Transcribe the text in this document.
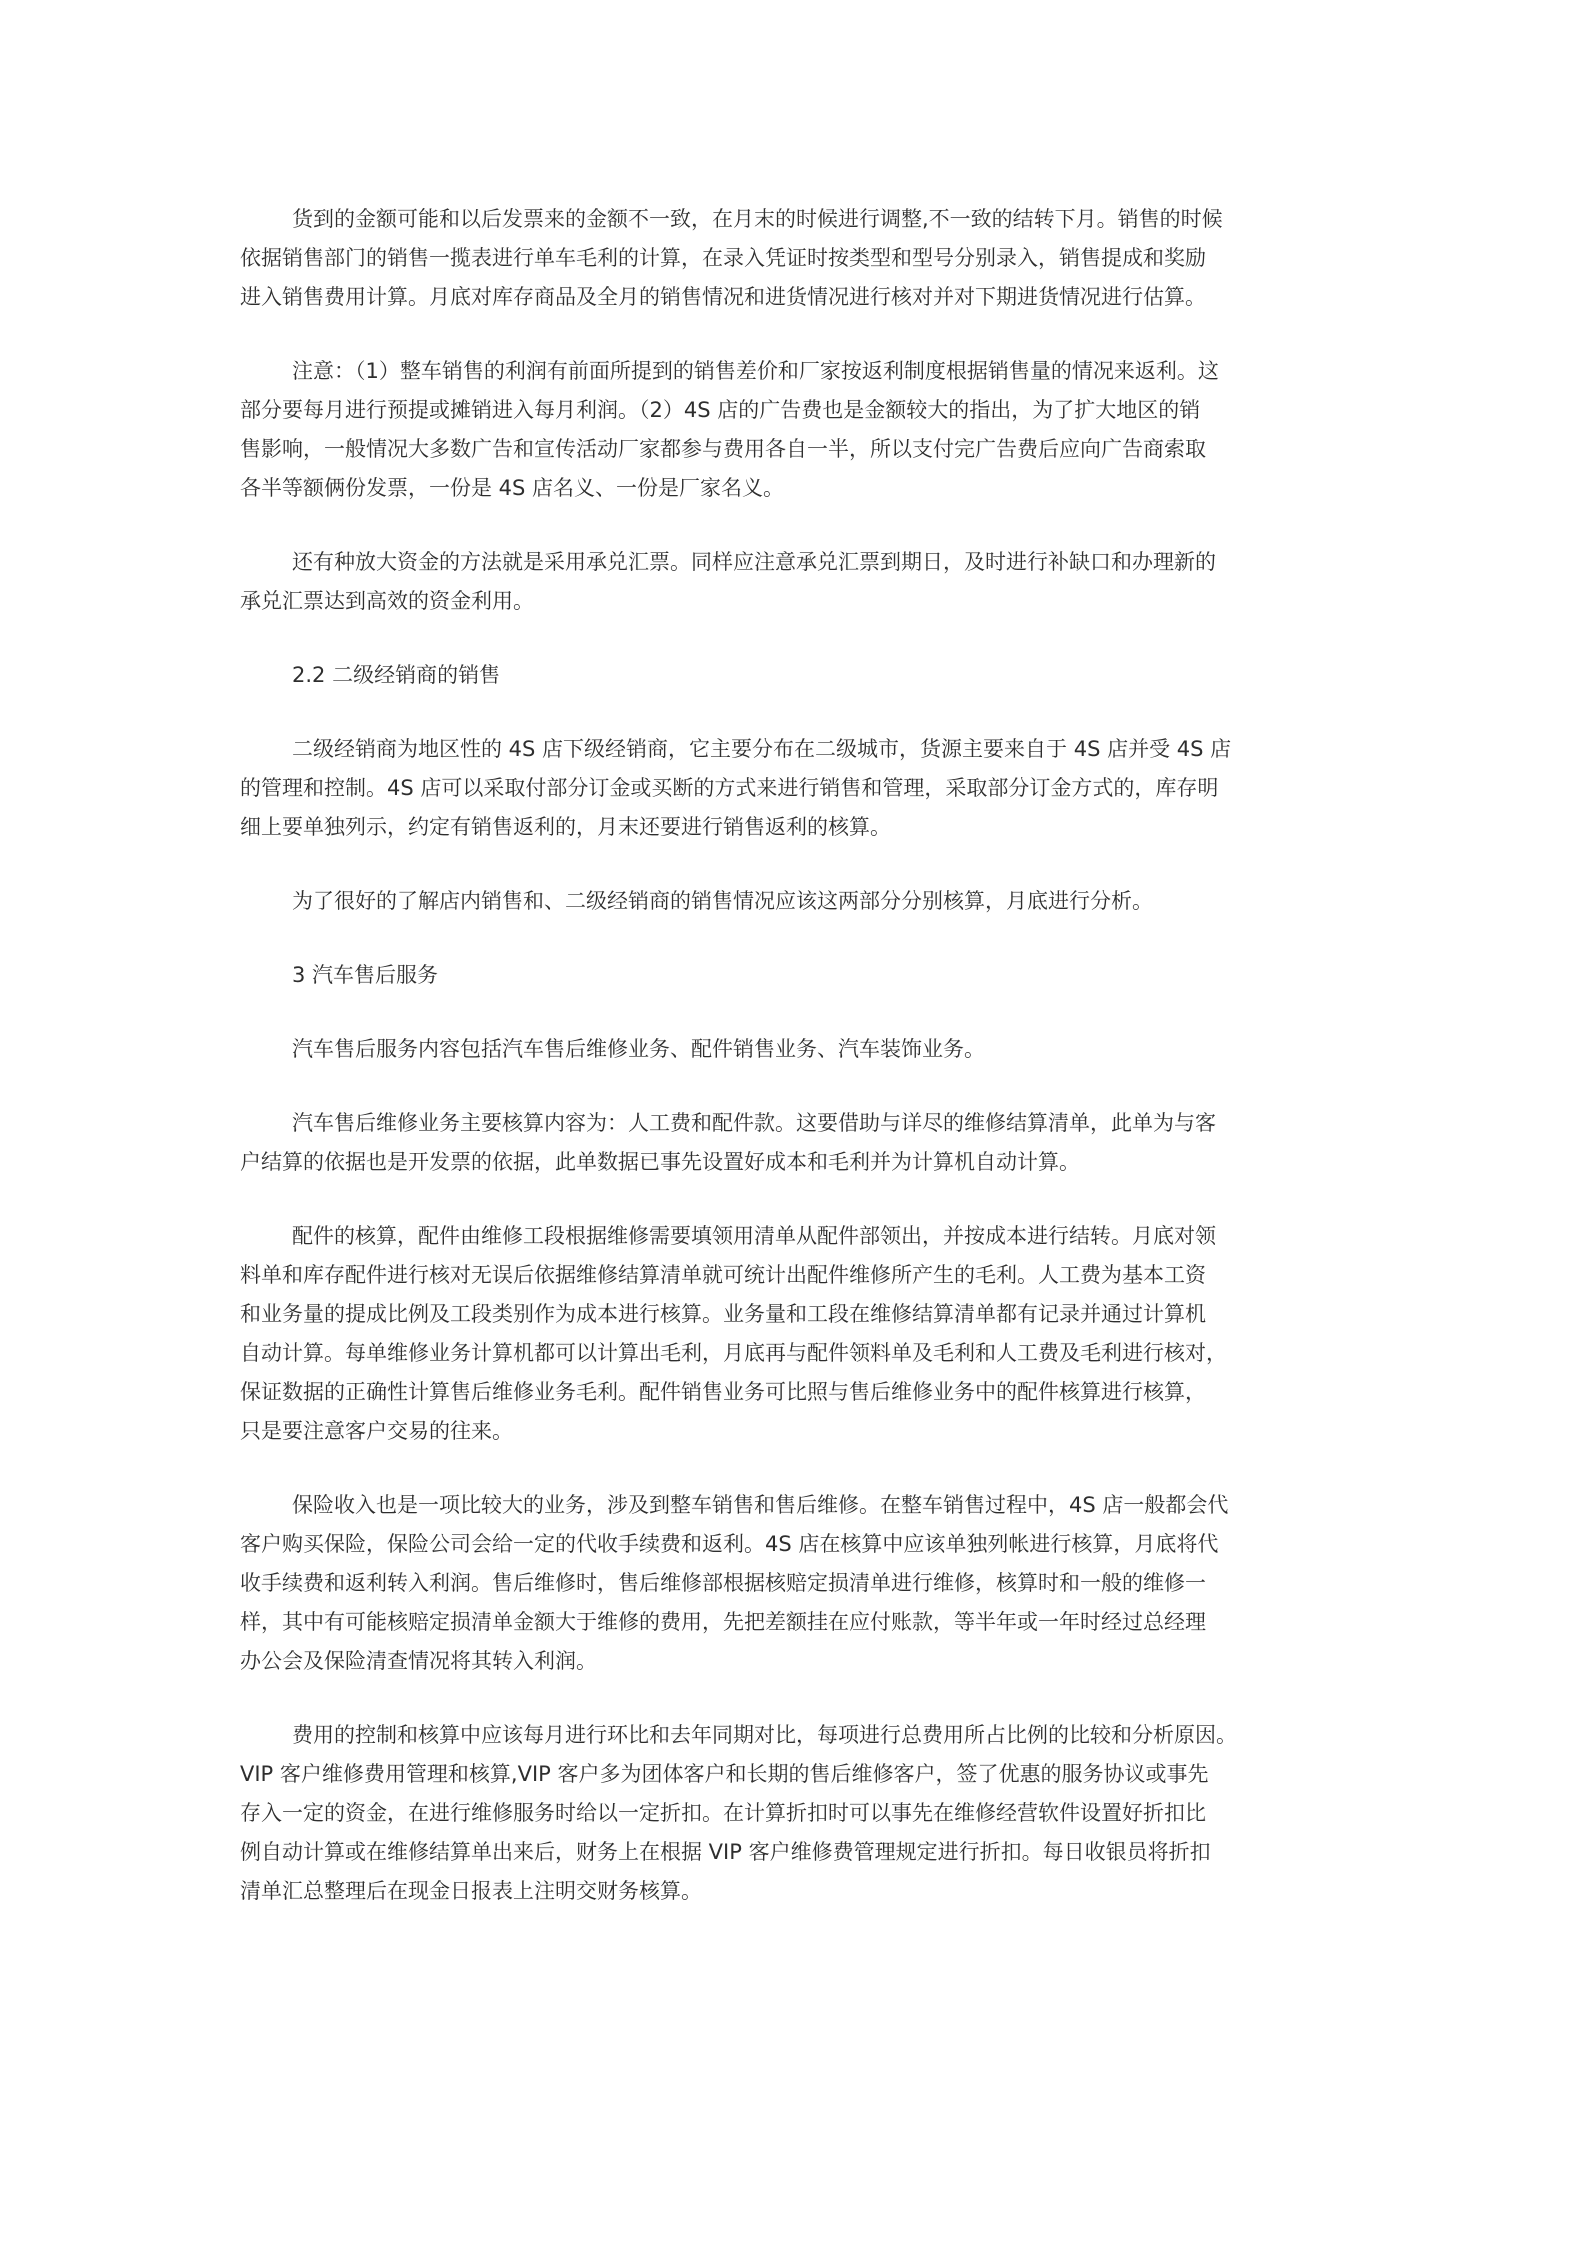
货到的金额可能和以后发票来的金额不一致，在月末的时候进行调整,不一致的结转下月。销售的时候
依据销售部门的销售一揽表进行单车毛利的计算，在录入凭证时按类型和型号分别录入，销售提成和奖励
进入销售费用计算。月底对库存商品及全月的销售情况和进货情况进行核对并对下期进货情况进行估算。
注意：（1）整车销售的利润有前面所提到的销售差价和厂家按返利制度根据销售量的情况来返利。这
部分要每月进行预提或摊销进入每月利润。（2）4S 店的广告费也是金额较大的指出，为了扩大地区的销
售影响，一般情况大多数广告和宣传活动厂家都参与费用各自一半，所以支付完广告费后应向广告商索取
各半等额俩份发票，一份是 4S 店名义、一份是厂家名义。
还有种放大资金的方法就是采用承兑汇票。同样应注意承兑汇票到期日，及时进行补缺口和办理新的
承兑汇票达到高效的资金利用。
2.2 二级经销商的销售
二级经销商为地区性的 4S 店下级经销商，它主要分布在二级城市，货源主要来自于 4S 店并受 4S 店
的管理和控制。4S 店可以采取付部分订金或买断的方式来进行销售和管理，采取部分订金方式的，库存明
细上要单独列示，约定有销售返利的，月末还要进行销售返利的核算。
为了很好的了解店内销售和、二级经销商的销售情况应该这两部分分别核算，月底进行分析。
3 汽车售后服务
汽车售后服务内容包括汽车售后维修业务、配件销售业务、汽车装饰业务。
汽车售后维修业务主要核算内容为：人工费和配件款。这要借助与详尽的维修结算清单，此单为与客
户结算的依据也是开发票的依据，此单数据已事先设置好成本和毛利并为计算机自动计算。
配件的核算，配件由维修工段根据维修需要填领用清单从配件部领出，并按成本进行结转。月底对领
料单和库存配件进行核对无误后依据维修结算清单就可统计出配件维修所产生的毛利。人工费为基本工资
和业务量的提成比例及工段类别作为成本进行核算。业务量和工段在维修结算清单都有记录并通过计算机
自动计算。每单维修业务计算机都可以计算出毛利，月底再与配件领料单及毛利和人工费及毛利进行核对，
保证数据的正确性计算售后维修业务毛利。配件销售业务可比照与售后维修业务中的配件核算进行核算，
只是要注意客户交易的往来。
保险收入也是一项比较大的业务，涉及到整车销售和售后维修。在整车销售过程中，4S 店一般都会代
客户购买保险，保险公司会给一定的代收手续费和返利。4S 店在核算中应该单独列帐进行核算，月底将代
收手续费和返利转入利润。售后维修时，售后维修部根据核赔定损清单进行维修，核算时和一般的维修一
样，其中有可能核赔定损清单金额大于维修的费用，先把差额挂在应付账款，等半年或一年时经过总经理
办公会及保险清查情况将其转入利润。
费用的控制和核算中应该每月进行环比和去年同期对比，每项进行总费用所占比例的比较和分析原因。
VIP 客户维修费用管理和核算,VIP 客户多为团体客户和长期的售后维修客户，签了优惠的服务协议或事先
存入一定的资金，在进行维修服务时给以一定折扣。在计算折扣时可以事先在维修经营软件设置好折扣比
例自动计算或在维修结算单出来后，财务上在根据 VIP 客户维修费管理规定进行折扣。每日收银员将折扣
清单汇总整理后在现金日报表上注明交财务核算。
